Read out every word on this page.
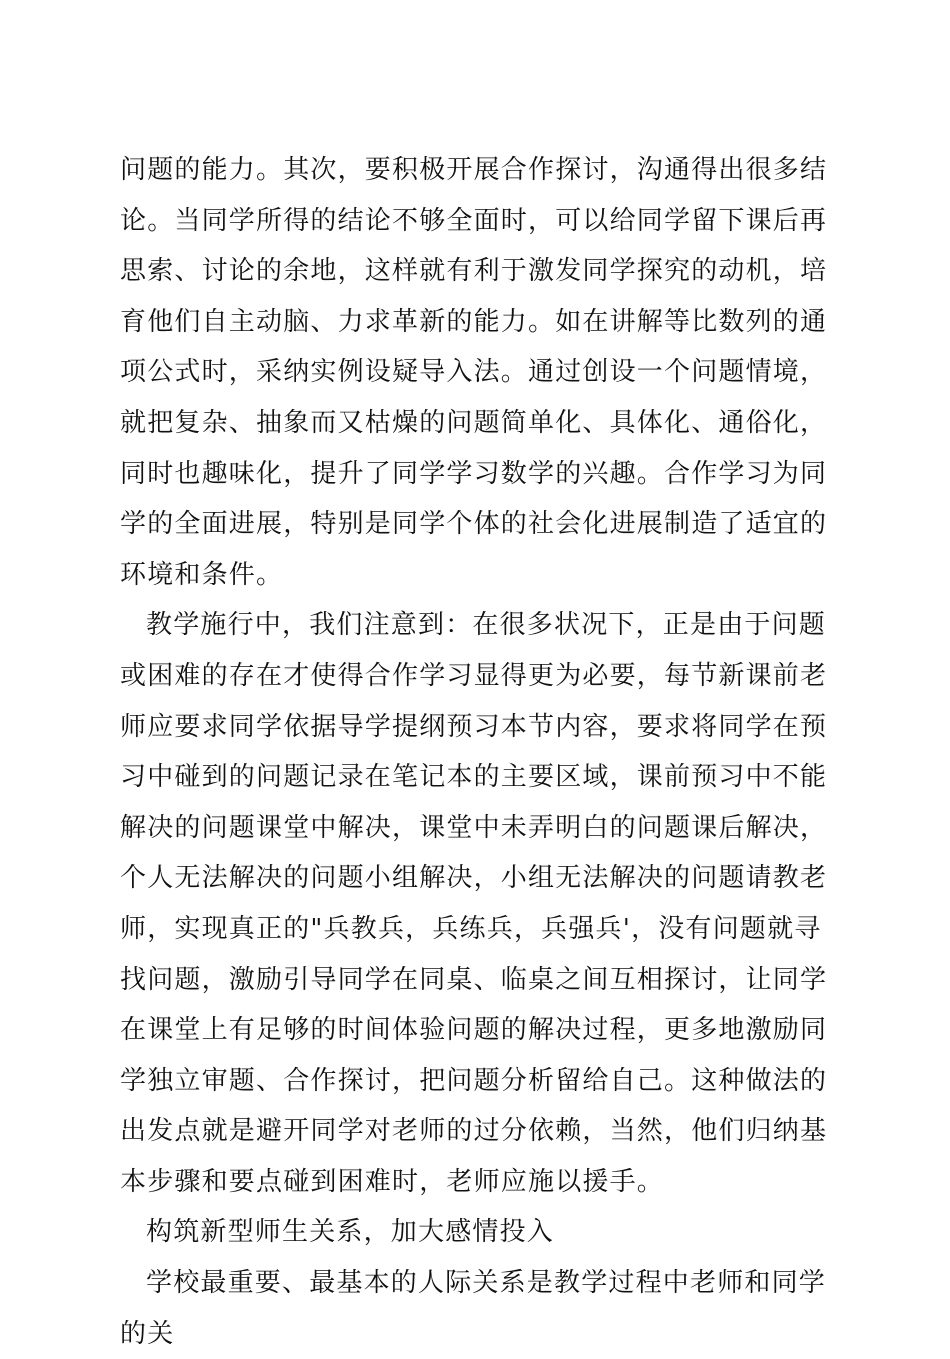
问题的能力。其次，要积极开展合作探讨，沟通得出很多结论。当同学所得的结论不够全面时，可以给同学留下课后再思索、讨论的余地，这样就有利于激发同学探究的动机，培育他们自主动脑、力求革新的能力。如在讲解等比数列的通项公式时，采纳实例设疑导入法。通过创设一个问题情境，就把复杂、抽象而又枯燥的问题简单化、具体化、通俗化，同时也趣味化，提升了同学学习数学的兴趣。合作学习为同学的全面进展，特别是同学个体的社会化进展制造了适宜的环境和条件。

教学施行中，我们注意到：在很多状况下，正是由于问题或困难的存在才使得合作学习显得更为必要，每节新课前老师应要求同学依据导学提纲预习本节内容，要求将同学在预习中碰到的问题记录在笔记本的主要区域，课前预习中不能解决的问题课堂中解决，课堂中未弄明白的问题课后解决，个人无法解决的问题小组解决，小组无法解决的问题请教老师，实现真正的"兵教兵，兵练兵，兵强兵'，没有问题就寻找问题，激励引导同学在同桌、临桌之间互相探讨，让同学在课堂上有足够的时间体验问题的解决过程，更多地激励同学独立审题、合作探讨，把问题分析留给自己。这种做法的出发点就是避开同学对老师的过分依赖，当然，他们归纳基本步骤和要点碰到困难时，老师应施以援手。

构筑新型师生关系，加大感情投入

学校最重要、最基本的人际关系是教学过程中老师和同学的关
